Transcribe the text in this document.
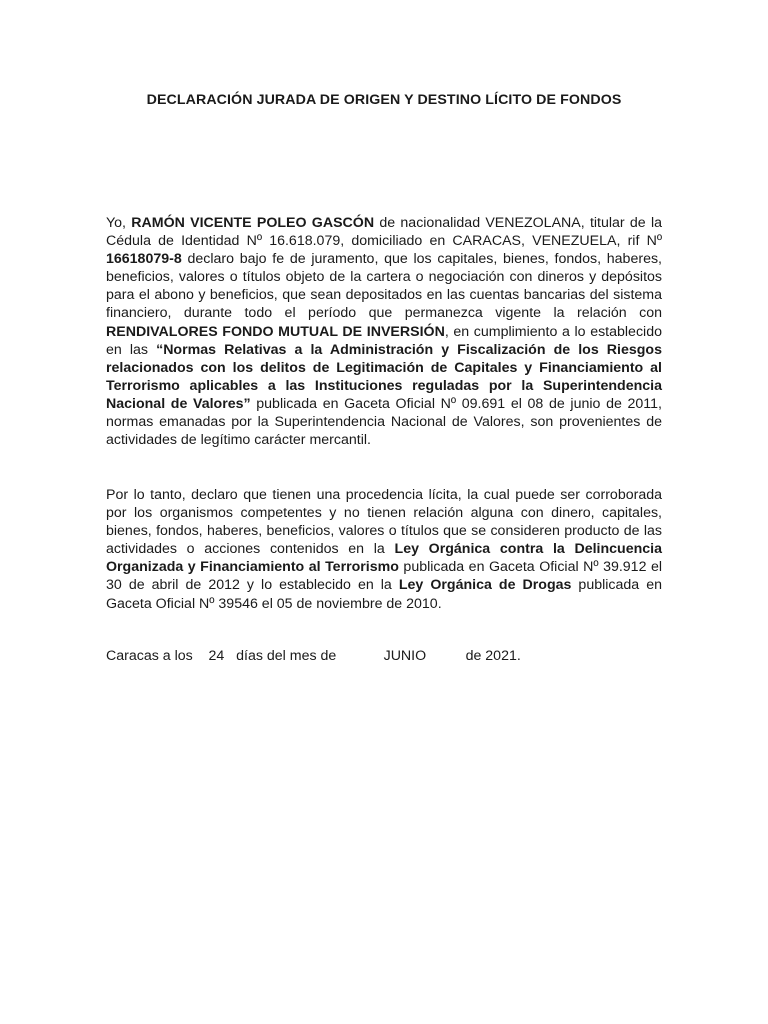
DECLARACIÓN JURADA DE ORIGEN Y DESTINO LÍCITO DE FONDOS

Yo, RAMÓN VICENTE POLEO GASCÓN de nacionalidad VENEZOLANA, titular de la Cédula de Identidad Nº 16.618.079, domiciliado en CARACAS, VENEZUELA, rif Nº 16618079-8 declaro bajo fe de juramento, que los capitales, bienes, fondos, haberes, beneficios, valores o títulos objeto de la cartera o negociación con dineros y depósitos para el abono y beneficios, que sean depositados en las cuentas bancarias del sistema financiero, durante todo el período que permanezca vigente la relación con RENDIVALORES FONDO MUTUAL DE INVERSIÓN, en cumplimiento a lo establecido en las “Normas Relativas a la Administración y Fiscalización de los Riesgos relacionados con los delitos de Legitimación de Capitales y Financiamiento al Terrorismo aplicables a las Instituciones reguladas por la Superintendencia Nacional de Valores” publicada en Gaceta Oficial Nº 09.691 el 08 de junio de 2011, normas emanadas por la Superintendencia Nacional de Valores, son provenientes de actividades de legítimo carácter mercantil.

Por lo tanto, declaro que tienen una procedencia lícita, la cual puede ser corroborada por los organismos competentes y no tienen relación alguna con dinero, capitales, bienes, fondos, haberes, beneficios, valores o títulos que se consideren producto de las actividades o acciones contenidos en la Ley Orgánica contra la Delincuencia Organizada y Financiamiento al Terrorismo publicada en Gaceta Oficial Nº 39.912 el 30 de abril de 2012 y lo establecido en la Ley Orgánica de Drogas publicada en Gaceta Oficial Nº 39546 el 05 de noviembre de 2010.

Caracas a los    24   días del mes de            JUNIO          de 2021.
